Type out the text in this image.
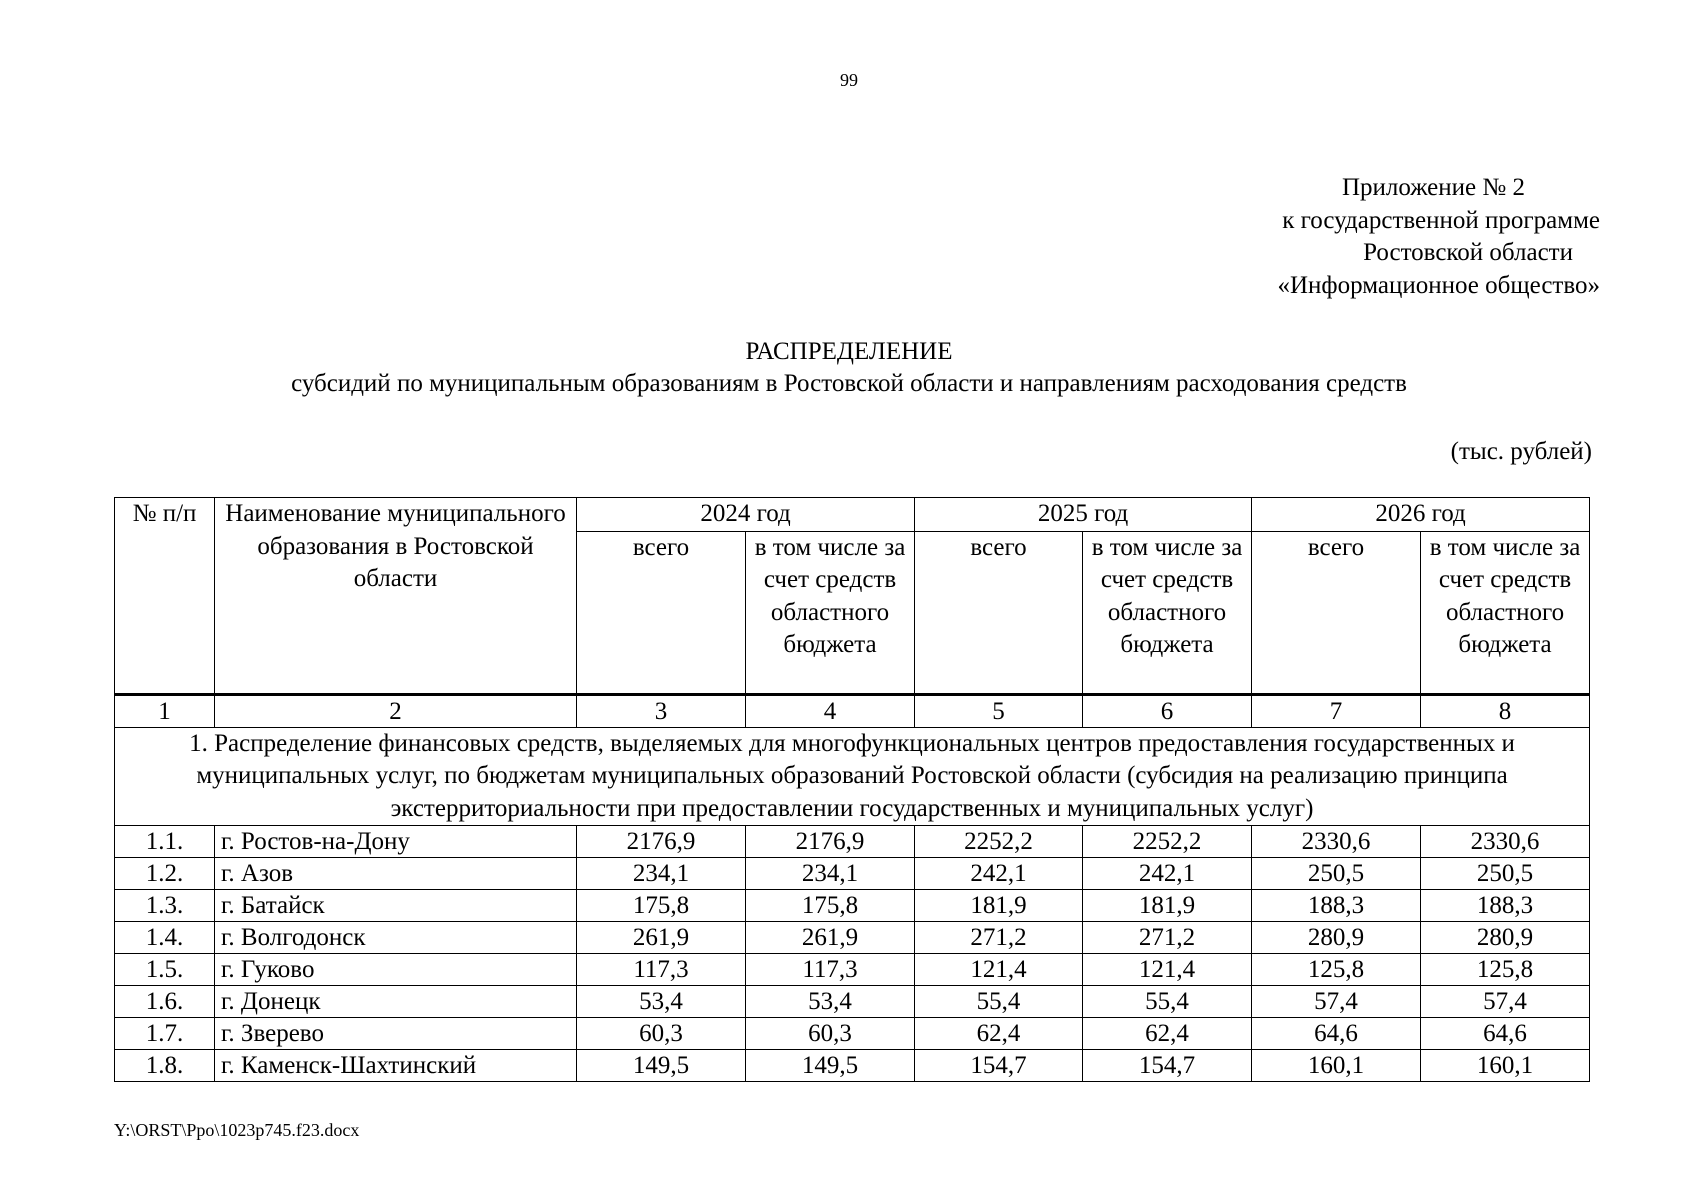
99
Приложение № 2
к государственной программе
Ростовской области
«Информационное общество»
РАСПРЕДЕЛЕНИЕ
субсидий по муниципальным образованиям в Ростовской области и направлениям расходования средств
(тыс. рублей)
№ п/п	Наименование муниципального образования в Ростовской области	2024 год		2025 год		2026 год	
		всего	в том числе за счет средств областного бюджета	всего	в том числе за счет средств областного бюджета	всего	в том числе за счет средств областного бюджета
1	2	3	4	5	6	7	8
1. Распределение финансовых средств, выделяемых для многофункциональных центров предоставления государственных и муниципальных услуг, по бюджетам муниципальных образований Ростовской области (субсидия на реализацию принципа экстерриториальности при предоставлении государственных и муниципальных услуг)							
1.1.	г. Ростов-на-Дону	2176,9	2176,9	2252,2	2252,2	2330,6	2330,6
1.2.	г. Азов	234,1	234,1	242,1	242,1	250,5	250,5
1.3.	г. Батайск	175,8	175,8	181,9	181,9	188,3	188,3
1.4.	г. Волгодонск	261,9	261,9	271,2	271,2	280,9	280,9
1.5.	г. Гуково	117,3	117,3	121,4	121,4	125,8	125,8
1.6.	г. Донецк	53,4	53,4	55,4	55,4	57,4	57,4
1.7.	г. Зверево	60,3	60,3	62,4	62,4	64,6	64,6
1.8.	г. Каменск-Шахтинский	149,5	149,5	154,7	154,7	160,1	160,1
Y:\ORST\Ppo\1023p745.f23.docx
